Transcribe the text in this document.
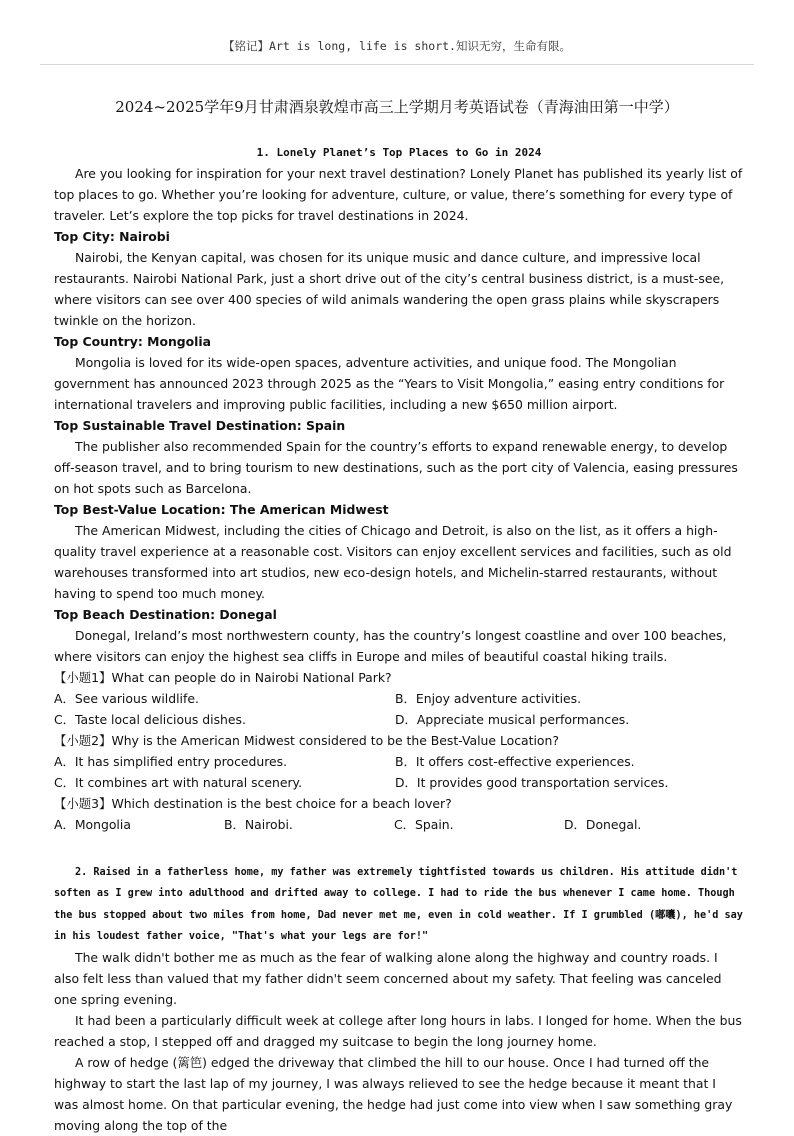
【铭记】Art is long, life is short.知识无穷，生命有限。
2024~2025学年9月甘肃酒泉敦煌市高三上学期月考英语试卷（青海油田第一中学）

1. Lonely Planet’s Top Places to Go in 2024

Are you looking for inspiration for your next travel destination? Lonely Planet has published its yearly list of top places to go. Whether you’re looking for adventure, culture, or value, there’s something for every type of traveler. Let’s explore the top picks for travel destinations in 2024.

Top City: Nairobi

Nairobi, the Kenyan capital, was chosen for its unique music and dance culture, and impressive local restaurants. Nairobi National Park, just a short drive out of the city’s central business district, is a must-see, where visitors can see over 400 species of wild animals wandering the open grass plains while skyscrapers twinkle on the horizon.

Top Country: Mongolia

Mongolia is loved for its wide-open spaces, adventure activities, and unique food. The Mongolian government has announced 2023 through 2025 as the “Years to Visit Mongolia,” easing entry conditions for international travelers and improving public facilities, including a new $650 million airport.

Top Sustainable Travel Destination: Spain

The publisher also recommended Spain for the country’s efforts to expand renewable energy, to develop off-season travel, and to bring tourism to new destinations, such as the port city of Valencia, easing pressures on hot spots such as Barcelona.

Top Best-Value Location: The American Midwest

The American Midwest, including the cities of Chicago and Detroit, is also on the list, as it offers a high-quality travel experience at a reasonable cost. Visitors can enjoy excellent services and facilities, such as old warehouses transformed into art studios, new eco-design hotels, and Michelin-starred restaurants, without having to spend too much money.

Top Beach Destination: Donegal

Donegal, Ireland’s most northwestern county, has the country’s longest coastline and over 100 beaches, where visitors can enjoy the highest sea cliffs in Europe and miles of beautiful coastal hiking trails.

【小题1】What can people do in Nairobi National Park?

A．See various wildlife.	B．Enjoy adventure activities.
C．Taste local delicious dishes.	D．Appreciate musical performances.

【小题2】Why is the American Midwest considered to be the Best-Value Location?

A．It has simplified entry procedures.	B．It offers cost-effective experiences.
C．It combines art with natural scenery.	D．It provides good transportation services.

【小题3】Which destination is the best choice for a beach lover?

A．Mongolia	B．Nairobi.	C．Spain.	D．Donegal.

2. Raised in a fatherless home, my father was extremely tightfisted towards us children. His attitude didn't soften as I grew into adulthood and drifted away to college. I had to ride the bus whenever I came home. Though the bus stopped about two miles from home, Dad never met me, even in cold weather. If I grumbled (嘟囔), he'd say in his loudest father voice, "That's what your legs are for!"

The walk didn't bother me as much as the fear of walking alone along the highway and country roads. I also felt less than valued that my father didn't seem concerned about my safety. That feeling was canceled one spring evening.

It had been a particularly difficult week at college after long hours in labs. I longed for home. When the bus reached a stop, I stepped off and dragged my suitcase to begin the long journey home.

A row of hedge (篱笆) edged the driveway that climbed the hill to our house. Once I had turned off the highway to start the last lap of my journey, I was always relieved to see the hedge because it meant that I was almost home. On that particular evening, the hedge had just come into view when I saw something gray moving along the top of the
